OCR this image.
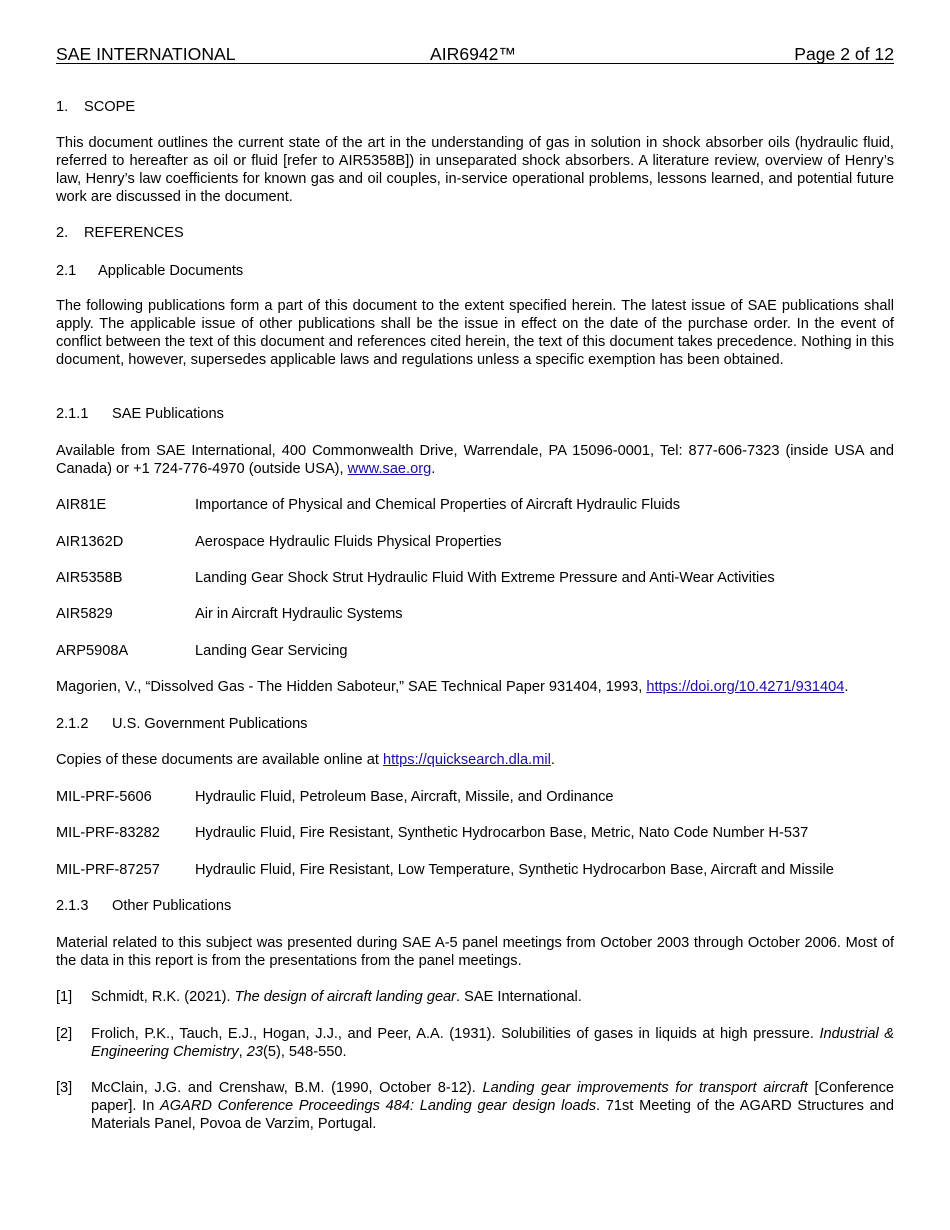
SAE INTERNATIONAL	AIR6942™	Page 2 of 12
1. SCOPE

This document outlines the current state of the art in the understanding of gas in solution in shock absorber oils (hydraulic fluid, referred to hereafter as oil or fluid [refer to AIR5358B]) in unseparated shock absorbers. A literature review, overview of Henry’s law, Henry’s law coefficients for known gas and oil couples, in-service operational problems, lessons learned, and potential future work are discussed in the document.

2. REFERENCES
2.1 Applicable Documents

The following publications form a part of this document to the extent specified herein. The latest issue of SAE publications shall apply. The applicable issue of other publications shall be the issue in effect on the date of the purchase order. In the event of conflict between the text of this document and references cited herein, the text of this document takes precedence. Nothing in this document, however, supersedes applicable laws and regulations unless a specific exemption has been obtained.

2.1.1 SAE Publications

Available from SAE International, 400 Commonwealth Drive, Warrendale, PA 15096-0001, Tel: 877-606-7323 (inside USA and Canada) or +1 724-776-4970 (outside USA), www.sae.org.

AIR81E	Importance of Physical and Chemical Properties of Aircraft Hydraulic Fluids
AIR1362D	Aerospace Hydraulic Fluids Physical Properties
AIR5358B	Landing Gear Shock Strut Hydraulic Fluid With Extreme Pressure and Anti-Wear Activities
AIR5829	Air in Aircraft Hydraulic Systems
ARP5908A	Landing Gear Servicing
Magorien, V., “Dissolved Gas - The Hidden Saboteur,” SAE Technical Paper 931404, 1993, https://doi.org/10.4271/931404.
2.1.2 U.S. Government Publications
Copies of these documents are available online at https://quicksearch.dla.mil.
MIL-PRF-5606	Hydraulic Fluid, Petroleum Base, Aircraft, Missile, and Ordinance
MIL-PRF-83282 Hydraulic Fluid, Fire Resistant, Synthetic Hydrocarbon Base, Metric, Nato Code Number H-537
MIL-PRF-87257 Hydraulic Fluid, Fire Resistant, Low Temperature, Synthetic Hydrocarbon Base, Aircraft and Missile
2.1.3 Other Publications

Material related to this subject was presented during SAE A-5 panel meetings from October 2003 through October 2006. Most of the data in this report is from the presentations from the panel meetings.

[1] Schmidt, R.K. (2021). The design of aircraft landing gear. SAE International.
[2] Frolich, P.K., Tauch, E.J., Hogan, J.J., and Peer, A.A. (1931). Solubilities of gases in liquids at high pressure. Industrial & Engineering Chemistry, 23(5), 548-550.
[3] McClain, J.G. and Crenshaw, B.M. (1990, October 8-12). Landing gear improvements for transport aircraft [Conference paper]. In AGARD Conference Proceedings 484: Landing gear design loads. 71st Meeting of the AGARD Structures and Materials Panel, Povoa de Varzim, Portugal.
